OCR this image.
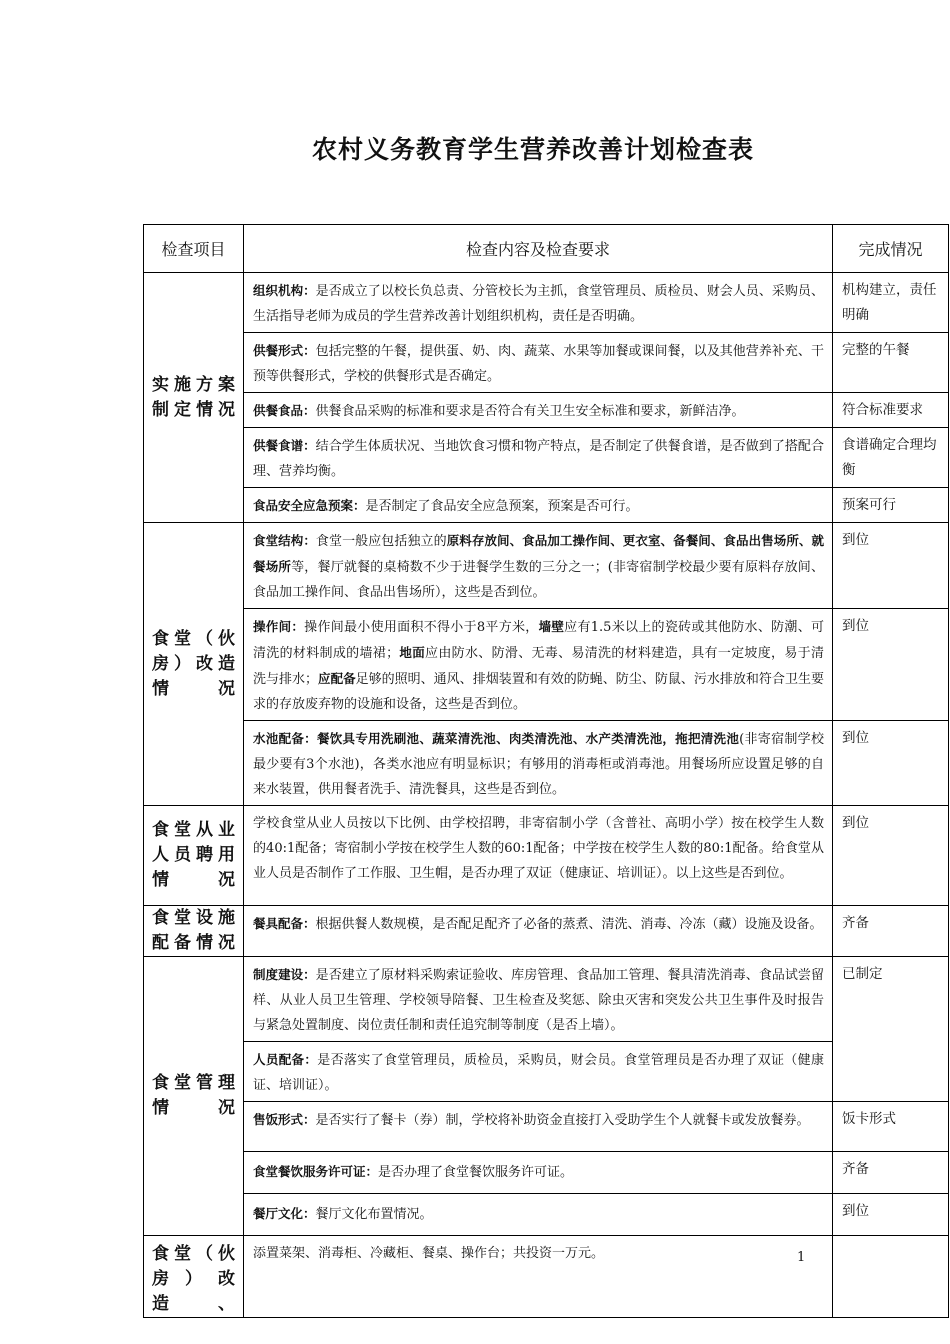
农村义务教育学生营养改善计划检查表
检查项目	检查内容及检查要求	完成情况

实施方案
制定情况	组织机构：是否成立了以校长负总责、分管校长为主抓，食堂管理员、质检员、财会人员、采购员、生活指导老师为成员的学生营养改善计划组织机构，责任是否明确。	机构建立，责任明确
	供餐形式：包括完整的午餐，提供蛋、奶、肉、蔬菜、水果等加餐或课间餐，以及其他营养补充、干预等供餐形式，学校的供餐形式是否确定。	完整的午餐
	供餐食品：供餐食品采购的标准和要求是否符合有关卫生安全标准和要求，新鲜洁净。	符合标准要求
	供餐食谱：结合学生体质状况、当地饮食习惯和物产特点，是否制定了供餐食谱，是否做到了搭配合理、营养均衡。	食谱确定合理均衡
	食品安全应急预案：是否制定了食品安全应急预案，预案是否可行。	预案可行

食堂（伙
房）改造
情　　况	食堂结构：食堂一般应包括独立的原料存放间、食品加工操作间、更衣室、备餐间、食品出售场所、就餐场所等，餐厅就餐的桌椅数不少于进餐学生数的三分之一；(非寄宿制学校最少要有原料存放间、食品加工操作间、食品出售场所），这些是否到位。	到位
	操作间：操作间最小使用面积不得小于8平方米，墙壁应有1.5米以上的瓷砖或其他防水、防潮、可清洗的材料制成的墙裙；地面应由防水、防滑、无毒、易清洗的材料建造，具有一定坡度，易于清洗与排水；应配备足够的照明、通风、排烟装置和有效的防蝇、防尘、防鼠、污水排放和符合卫生要求的存放废弃物的设施和设备，这些是否到位。	到位
	水池配备：餐饮具专用洗刷池、蔬菜清洗池、肉类清洗池、水产类清洗池，拖把清洗池(非寄宿制学校最少要有3个水池)，各类水池应有明显标识；有够用的消毒柜或消毒池。用餐场所应设置足够的自来水装置，供用餐者洗手、清洗餐具，这些是否到位。	到位

食堂从业
人员聘用
情　　况	学校食堂从业人员按以下比例、由学校招聘，非寄宿制小学（含普社、高明小学）按在校学生人数的40:1配备；寄宿制小学按在校学生人数的60:1配备；中学按在校学生人数的80:1配备。给食堂从业人员是否制作了工作服、卫生帽，是否办理了双证（健康证、培训证）。以上这些是否到位。	到位

食堂设施
配备情况	餐具配备：根据供餐人数规模，是否配足配齐了必备的蒸煮、清洗、消毒、冷冻（藏）设施及设备。	齐备

食堂管理
情　　况	制度建设：是否建立了原材料采购索证验收、库房管理、食品加工管理、餐具清洗消毒、食品试尝留样、从业人员卫生管理、学校领导陪餐、卫生检查及奖惩、除虫灭害和突发公共卫生事件及时报告与紧急处置制度、岗位责任制和责任追究制等制度（是否上墙）。	已制定
	人员配备：是否落实了食堂管理员，质检员，采购员，财会员。食堂管理员是否办理了双证（健康证、培训证）。	
	售饭形式：是否实行了餐卡（券）制，学校将补助资金直接打入受助学生个人就餐卡或发放餐券。	饭卡形式
	食堂餐饮服务许可证：是否办理了食堂餐饮服务许可证。	齐备
	餐厅文化：餐厅文化布置情况。	到位

食堂（伙
房）改造、	添置菜架、消毒柜、冷藏柜、餐桌、操作台；共投资一万元。		1
